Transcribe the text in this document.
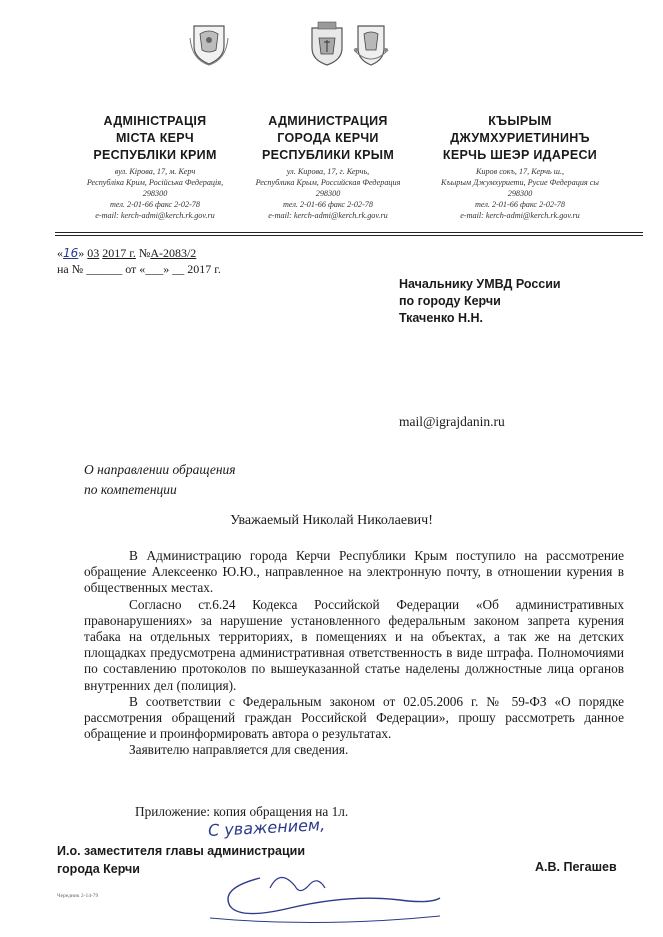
АДМІНІСТРАЦІЯ
МІСТА КЕРЧ
РЕСПУБЛІКИ КРИМ
вул. Кірова, 17, м. Керч
Республіка Крим, Російська Федерація,
298300
тел. 2-01-66 факс 2-02-78
e-mail: kerch-admi@kerch.rk.gov.ru
АДМИНИСТРАЦИЯ
ГОРОДА КЕРЧИ
РЕСПУБЛИКИ КРЫМ
ул. Кирова, 17, г. Керчь,
Республика Крым, Российская Федерация
298300
тел. 2-01-66 факс 2-02-78
e-mail: kerch-admi@kerch.rk.gov.ru
КЪЫРЫМ
ДЖУМХУРИЕТИНИНЪ
КЕРЧЬ ШЕЭР ИДАРЕСИ
Киров сокъ, 17, Керчь ш.,
Къырым Джумхуриети, Русие Федерация сы
298300
тел. 2-01-66 факс 2-02-78
e-mail: kerch-admi@kerch.rk.gov.ru
«16» 03 2017 г. №А-2083/2
на № ______ от «___» __ 2017 г.
Начальнику УМВД России
по городу Керчи
Ткаченко Н.Н.
mail@igrajdanin.ru
О направлении обращения
по компетенции
Уважаемый Николай Николаевич!

В Администрацию города Керчи Республики Крым поступило на рассмотрение обращение Алексеенко Ю.Ю., направленное на электронную почту, в отношении курения в общественных местах.

Согласно ст.6.24 Кодекса Российской Федерации «Об административных правонарушениях» за нарушение установленного федеральным законом запрета курения табака на отдельных территориях, в помещениях и на объектах, а так же на детских площадках предусмотрена административная ответственность в виде штрафа. Полномочиями по составлению протоколов по вышеуказанной статье наделены должностные лица органов внутренних дел (полиция).

В соответствии с Федеральным законом от 02.05.2006 г. № 59-ФЗ «О порядке рассмотрения обращений граждан Российской Федерации», прошу рассмотреть данное обращение и проинформировать автора о результатах.

Заявителю направляется для сведения.

Приложение: копия обращения на 1л.
С уважением,
И.о. заместителя главы администрации
города Керчи	А.В. Пегашев
Чередник 2-14-79
